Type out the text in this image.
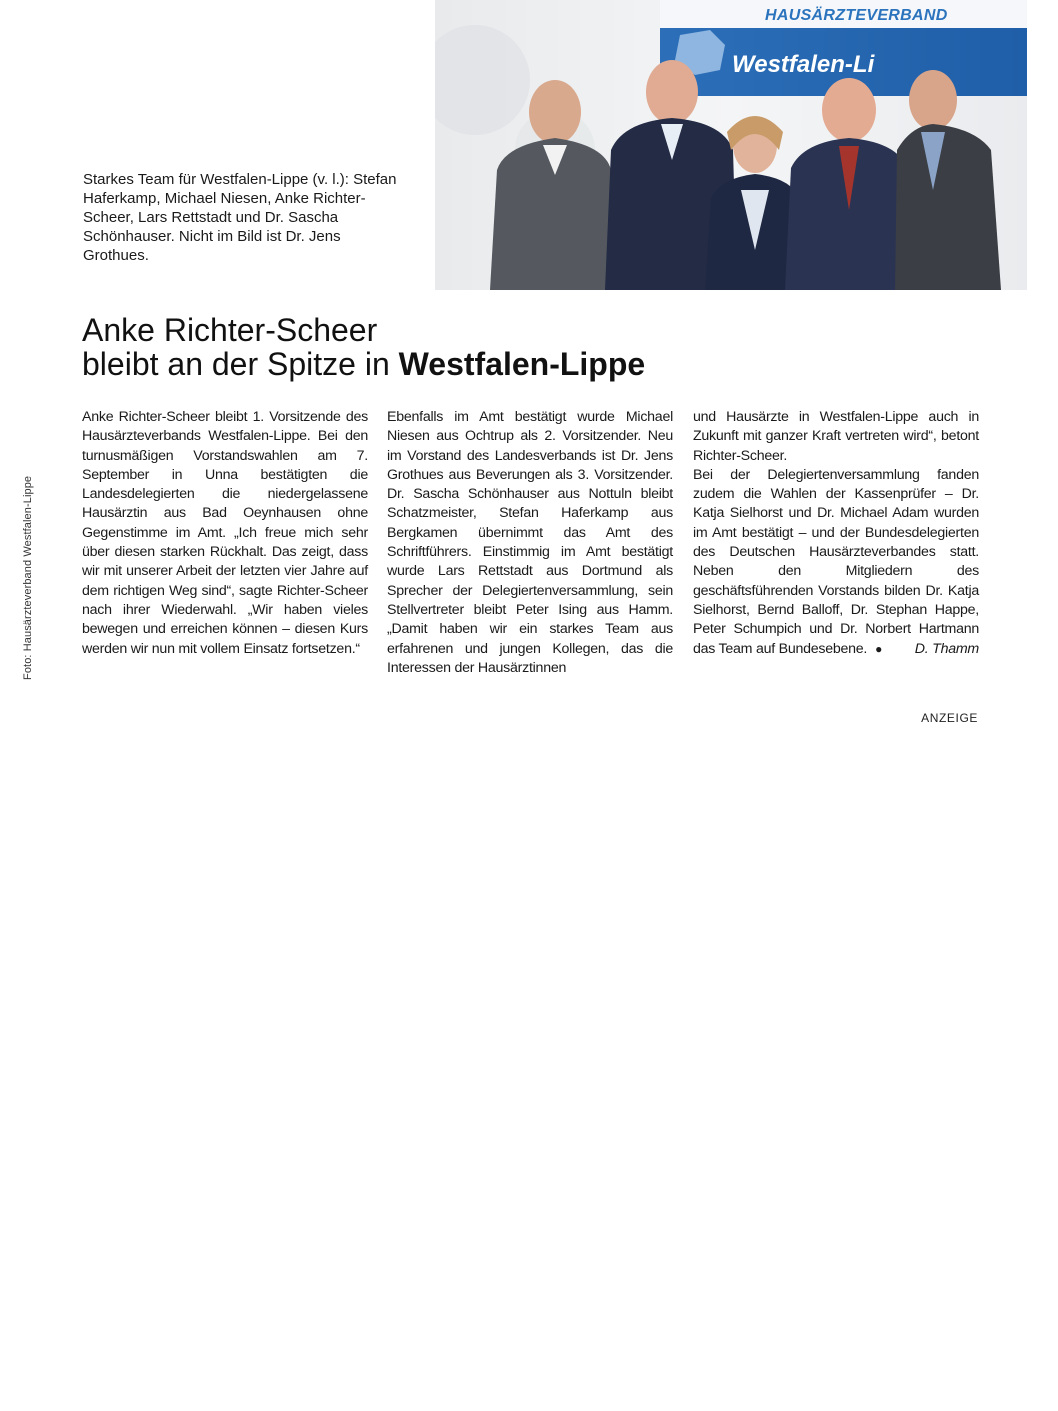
Foto: Hausärzteverband Westfalen-Lippe
Starkes Team für Westfalen-Lippe (v. l.): Stefan Haferkamp, Michael Niesen, Anke Richter-Scheer, Lars Rettstadt und Dr. Sascha Schönhauser. Nicht im Bild ist Dr. Jens Grothues.
HAUSÄRZTEVERBAND
Westfalen-Li
Anke Richter-Scheer
bleibt an der Spitze in Westfalen-Lippe

Anke Richter-Scheer bleibt 1. Vorsitzende des Hausärzteverbands Westfalen-Lippe. Bei den turnusmäßigen Vorstandswahlen am 7. September in Unna bestätigten die Landesdelegierten die niedergelassene Hausärztin aus Bad Oeynhausen ohne Gegenstimme im Amt. „Ich freue mich sehr über diesen starken Rückhalt. Das zeigt, dass wir mit unserer Arbeit der letzten vier Jahre auf dem richtigen Weg sind“, sagte Richter-Scheer nach ihrer Wiederwahl. „Wir haben vieles bewegen und erreichen können – diesen Kurs werden wir nun mit vollem Einsatz fortsetzen.“

Ebenfalls im Amt bestätigt wurde Michael Niesen aus Ochtrup als 2. Vorsitzender. Neu im Vorstand des Landesverbands ist Dr. Jens Grothues aus Beverungen als 3. Vorsitzender. Dr. Sascha Schönhauser aus Nottuln bleibt Schatzmeister, Stefan Haferkamp aus Bergkamen übernimmt das Amt des Schriftführers. Einstimmig im Amt bestätigt wurde Lars Rettstadt aus Dortmund als Sprecher der Delegiertenversammlung, sein Stellvertreter bleibt Peter Ising aus Hamm. „Damit haben wir ein starkes Team aus erfahrenen und jungen Kollegen, das die Interessen der Hausärztinnen

und Hausärzte in Westfalen-Lippe auch in Zukunft mit ganzer Kraft vertreten wird“, betont Richter-Scheer.

Bei der Delegiertenversammlung fanden zudem die Wahlen der Kassenprüfer – Dr. Katja Sielhorst und Dr. Michael Adam wurden im Amt bestätigt – und der Bundesdelegierten des Deutschen Hausärzteverbandes statt. Neben den Mitgliedern des geschäftsführenden Vorstands bilden Dr. Katja Sielhorst, Bernd Balloff, Dr. Stephan Happe, Peter Schumpich und Dr. Norbert Hartmann das Team auf Bundesebene. ● D. Thamm

ANZEIGE
